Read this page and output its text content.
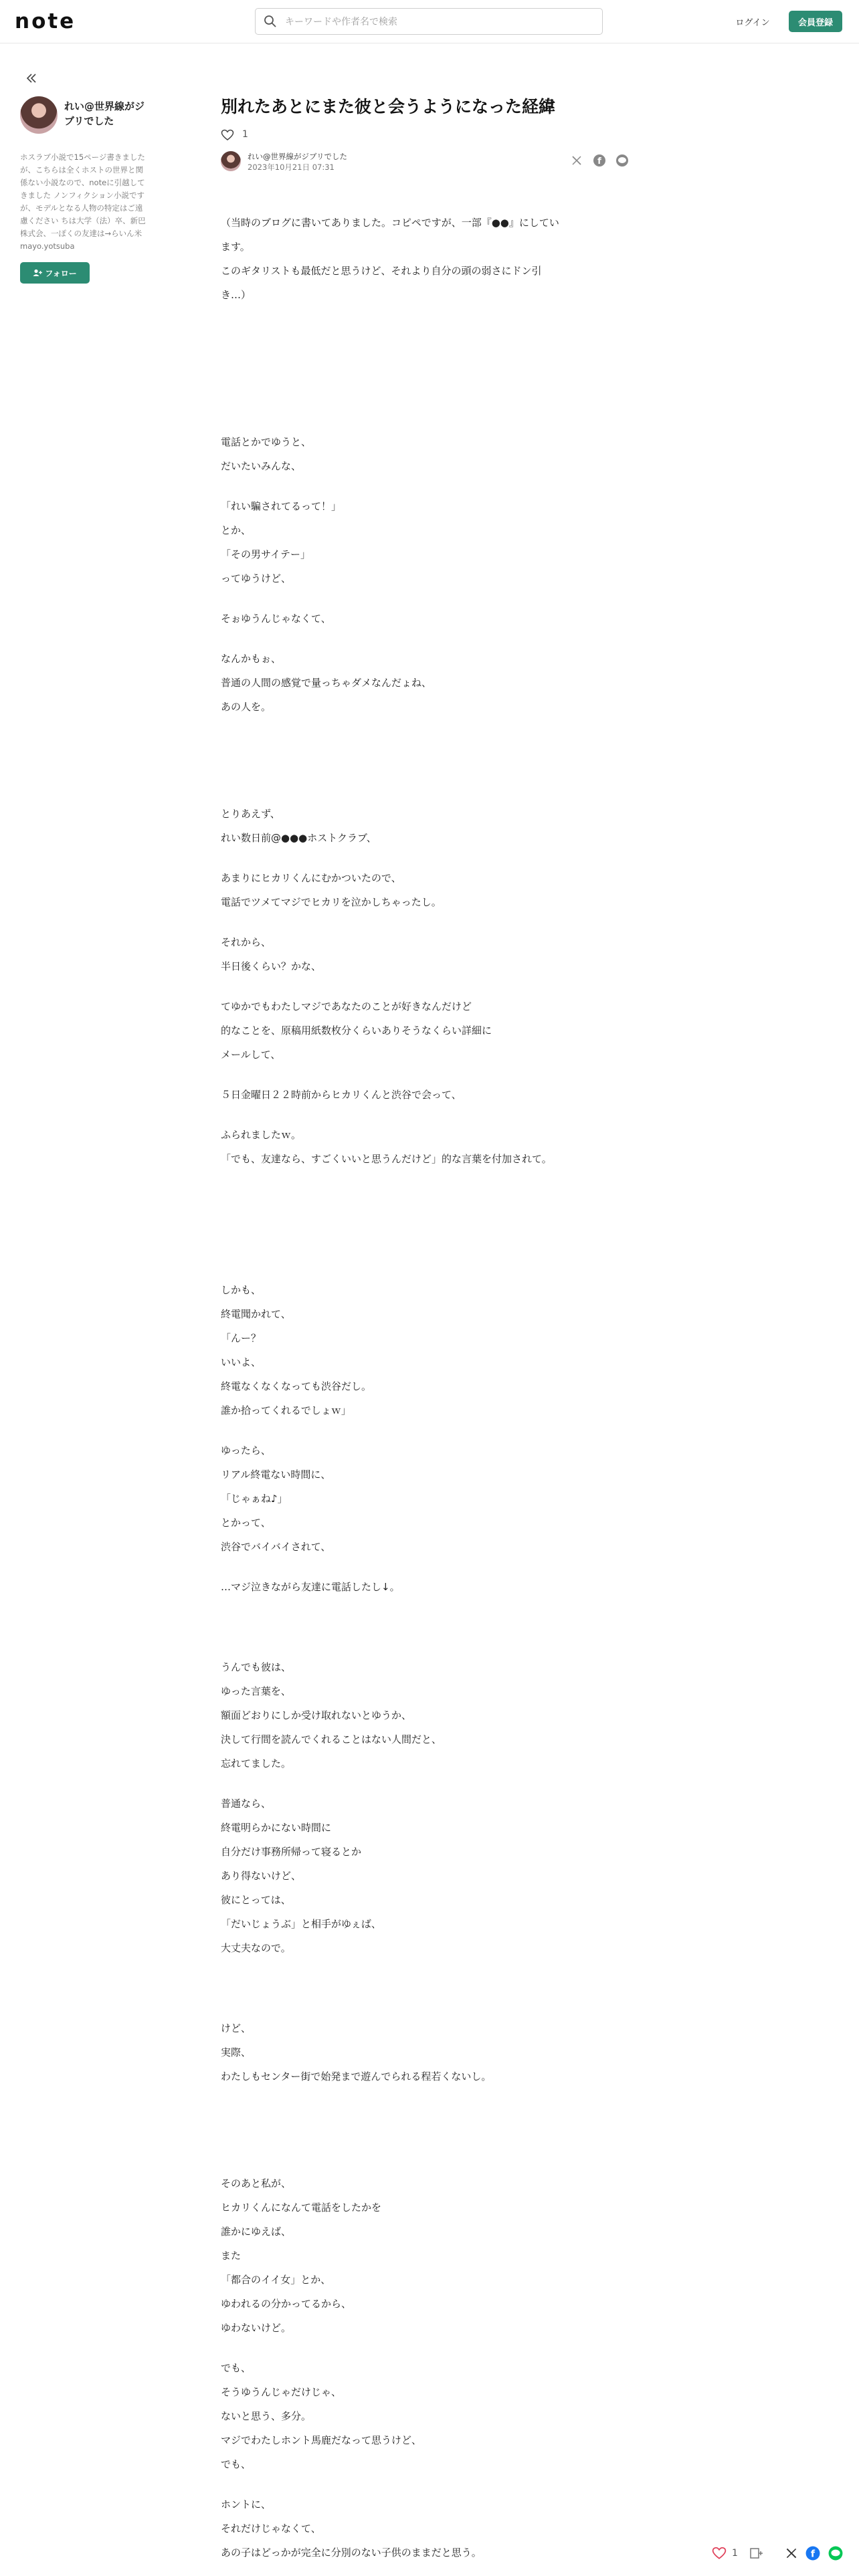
note
キーワードや作者名で検索	ログイン	会員登録
れい@世界線がジブリでした
ホスラブ小説で15ページ書きましたが、こちらは全くホストの世界と関係ない小説なので、noteに引越してきました ノンフィクション小説ですが、モデルとなる人物の特定はご遠慮ください ちは大学（法）卒、新巴株式会、一ぽくの友達は→らいん米 mayo.yotsuba
フォロー
別れたあとにまた彼と会うようになった経緯
1
れい@世界線がジブリでした
2023年10月21日 07:31
f
（当時のブログに書いてありました。コピペですが、一部『●●』にしてい
ます。
このギタリストも最低だと思うけど、それより自分の頭の弱さにドン引
き…）
電話とかでゆうと、
だいたいみんな、
「れい騙されてるって！」
とか、
「その男サイテー」
ってゆうけど、
そぉゆうんじゃなくて、
なんかもぉ、
普通の人間の感覚で量っちゃダメなんだょね、
あの人を。
とりあえず、
れい数日前@●●●ホストクラブ、
あまりにヒカリくんにむかついたので、
電話でツメてマジでヒカリを泣かしちゃったし。
それから、
半日後くらい？かな、
てゆかでもわたしマジであなたのことが好きなんだけど
的なことを、原稿用紙数枚分くらいありそうなくらい詳細に
メールして、
５日金曜日２２時前からヒカリくんと渋谷で会って、
ふられましたｗ。
「でも、友達なら、すごくいいと思うんだけど」的な言葉を付加されて。
しかも、
終電聞かれて、
「んー？
いいよ、
終電なくなくなっても渋谷だし。
誰か拾ってくれるでしょｗ」
ゆったら、
リアル終電ない時間に、
「じゃぁね♪」
とかって、
渋谷でバイバイされて、
…マジ泣きながら友達に電話したし↓。
うんでも彼は、
ゆった言葉を、
額面どおりにしか受け取れないとゆうか、
決して行間を読んでくれることはない人間だと、
忘れてました。
普通なら、
終電明らかにない時間に
自分だけ事務所帰って寝るとか
あり得ないけど、
彼にとっては、
「だいじょうぶ」と相手がゆぇば、
大丈夫なので。
けど、
実際、
わたしもセンター街で始発まで遊んでられる程若くないし。
そのあと私が、
ヒカリくんになんて電話をしたかを
誰かにゆえば、
また
「都合のイイ女」とか、
ゆわれるの分かってるから、
ゆわないけど。
でも、
そうゆうんじゃだけじゃ、
ないと思う、多分。
マジでわたしホント馬鹿だなって思うけど、
でも、
ホントに、
それだけじゃなくて、
あの子はどっかが完全に分別のない子供のままだと思う。	1	f
